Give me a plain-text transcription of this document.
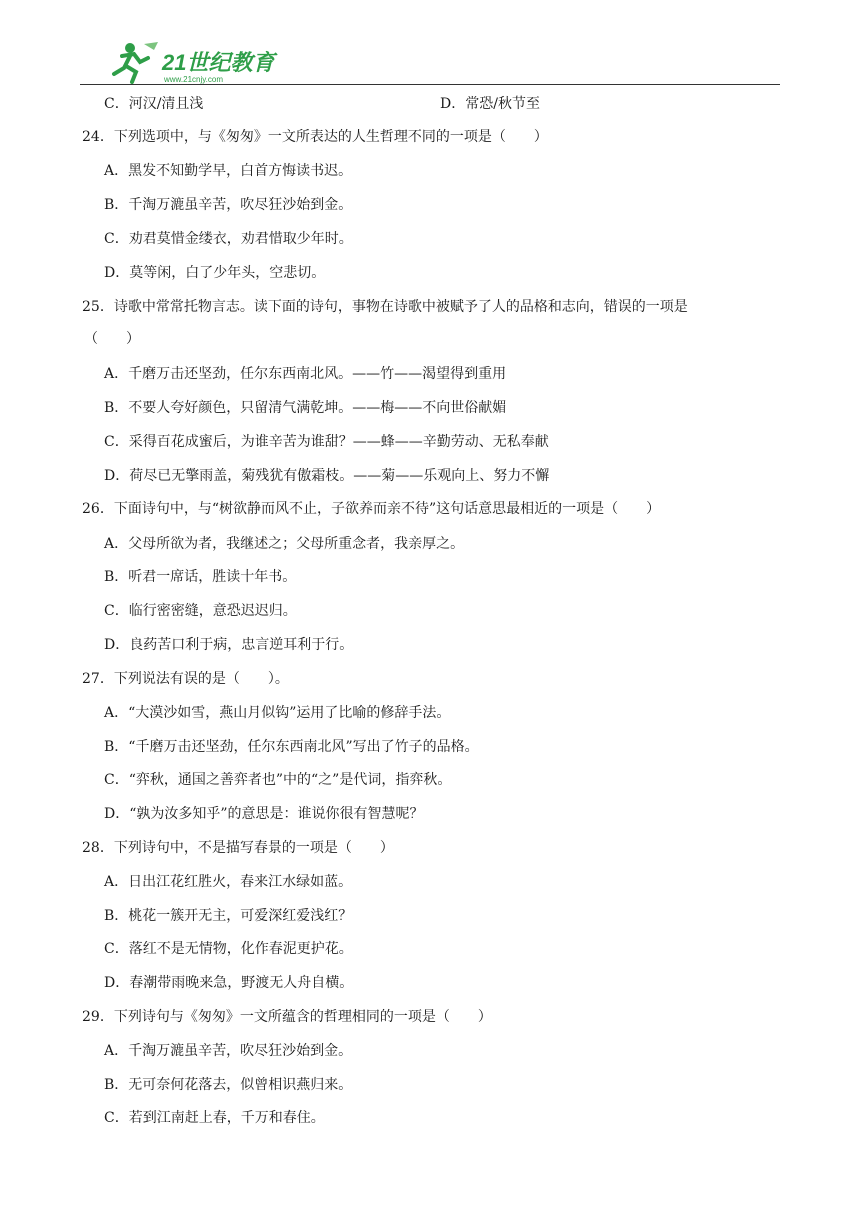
21世纪教育
www.21cnjy.com
C．河汉/清且浅	D．常恐/秋节至
24．下列选项中，与《匆匆》一文所表达的人生哲理不同的一项是（　　）
A．黑发不知勤学早，白首方悔读书迟。
B．千淘万漉虽辛苦，吹尽狂沙始到金。
C．劝君莫惜金缕衣，劝君惜取少年时。
D．莫等闲，白了少年头，空悲切。
25．诗歌中常常托物言志。读下面的诗句，事物在诗歌中被赋予了人的品格和志向，错误的一项是
（　　）
A．千磨万击还坚劲，任尔东西南北风。——竹——渴望得到重用
B．不要人夸好颜色，只留清气满乾坤。——梅——不向世俗献媚
C．采得百花成蜜后，为谁辛苦为谁甜？——蜂——辛勤劳动、无私奉献
D．荷尽已无擎雨盖，菊残犹有傲霜枝。——菊——乐观向上、努力不懈
26．下面诗句中，与“树欲静而风不止，子欲养而亲不待”这句话意思最相近的一项是（　　）
A．父母所欲为者，我继述之；父母所重念者，我亲厚之。
B．听君一席话，胜读十年书。
C．临行密密缝，意恐迟迟归。
D．良药苦口利于病，忠言逆耳利于行。
27．下列说法有误的是（　　）。
A．“大漠沙如雪，燕山月似钩”运用了比喻的修辞手法。
B．“千磨万击还坚劲，任尔东西南北风”写出了竹子的品格。
C．“弈秋，通国之善弈者也”中的“之”是代词，指弈秋。
D．“孰为汝多知乎”的意思是：谁说你很有智慧呢？
28．下列诗句中，不是描写春景的一项是（　　）
A．日出江花红胜火，春来江水绿如蓝。
B．桃花一簇开无主，可爱深红爱浅红？
C．落红不是无情物，化作春泥更护花。
D．春潮带雨晚来急，野渡无人舟自横。
29．下列诗句与《匆匆》一文所蕴含的哲理相同的一项是（　　）
A．千淘万漉虽辛苦，吹尽狂沙始到金。
B．无可奈何花落去，似曾相识燕归来。
C．若到江南赶上春，千万和春住。
